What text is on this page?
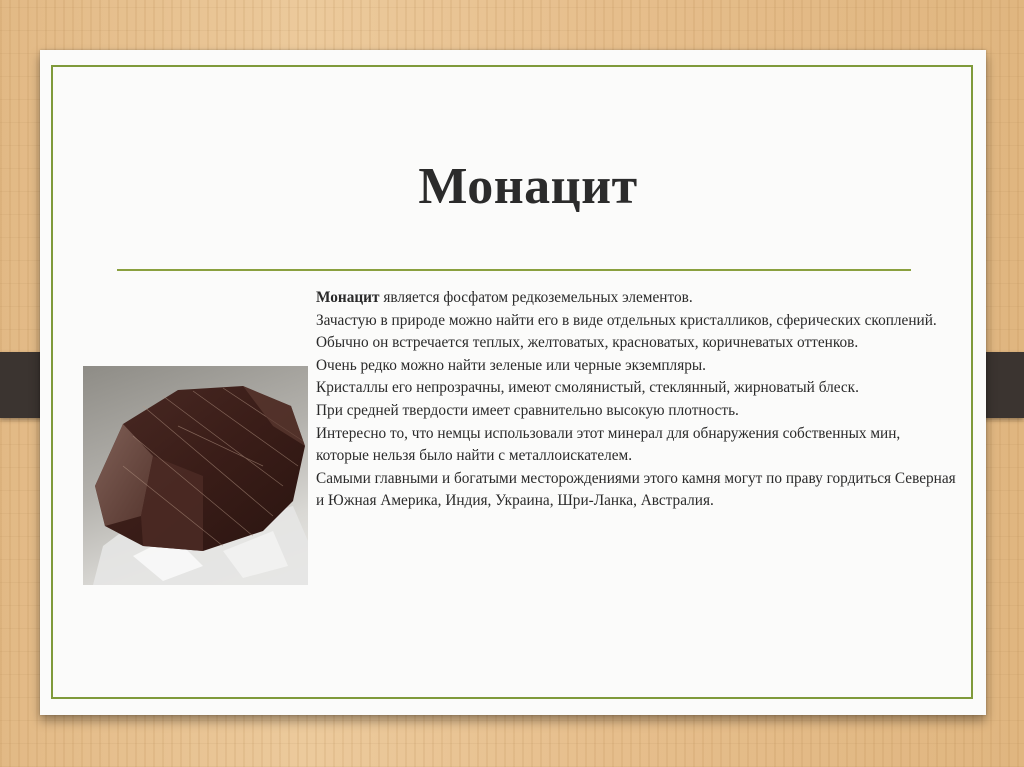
Монацит

Монацит является фосфатом редкоземельных элементов.

Зачастую в природе можно найти его в виде отдельных кристалликов, сферических скоплений.

Обычно он встречается теплых, желтоватых, красноватых, коричневатых оттенков.

Очень редко можно найти зеленые или черные экземпляры.

Кристаллы его непрозрачны, имеют смолянистый, стеклянный, жирноватый блеск.

При средней твердости имеет сравнительно высокую плотность.

Интересно то, что немцы использовали этот минерал для обнаружения собственных мин, которые нельзя было найти с металлоискателем.

Самыми главными и богатыми месторождениями этого камня могут по праву гордиться Северная и Южная Америка, Индия, Украина, Шри-Ланка, Австралия.
